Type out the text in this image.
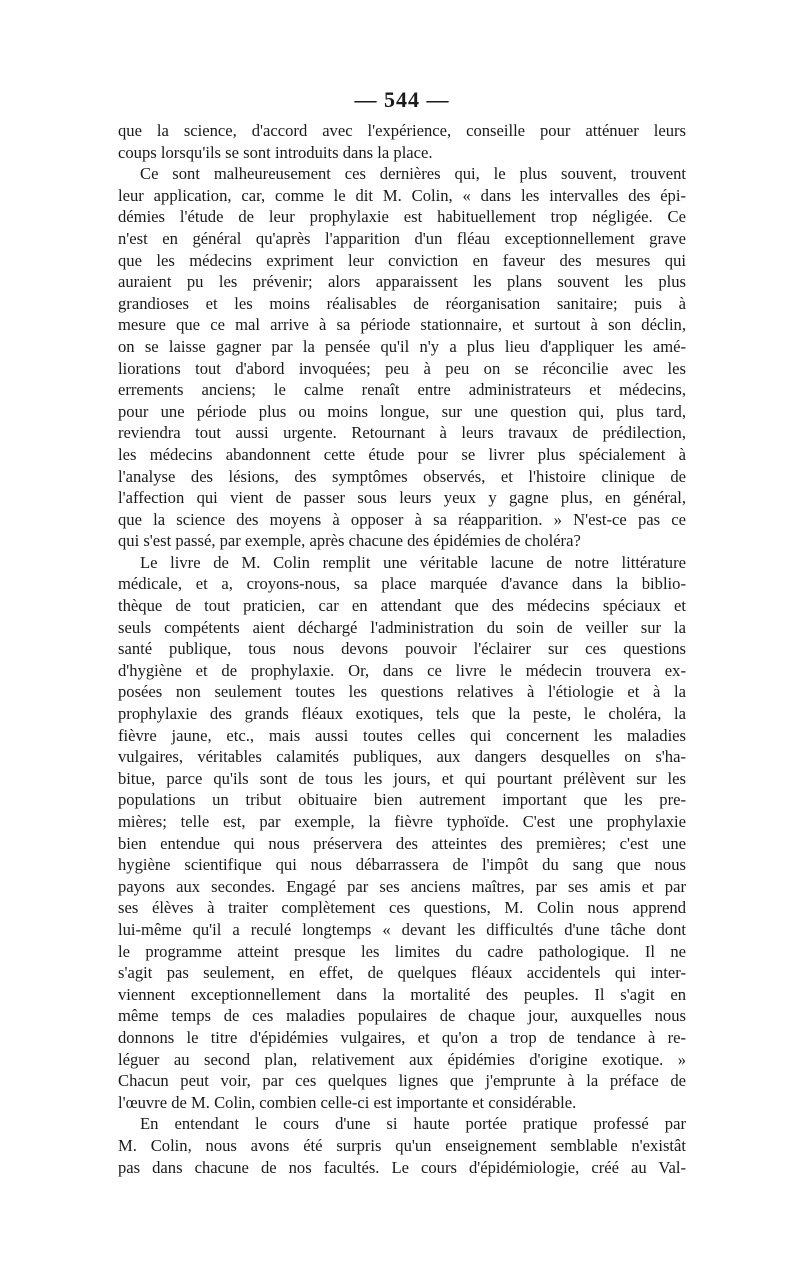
— 544 —
que la science, d'accord avec l'expérience, conseille pour atténuer leurs
coups lorsqu'ils se sont introduits dans la place.
Ce sont malheureusement ces dernières qui, le plus souvent, trouvent
leur application, car, comme le dit M. Colin, « dans les intervalles des épi-
démies l'étude de leur prophylaxie est habituellement trop négligée. Ce
n'est en général qu'après l'apparition d'un fléau exceptionnellement grave
que les médecins expriment leur conviction en faveur des mesures qui
auraient pu les prévenir; alors apparaissent les plans souvent les plus
grandioses et les moins réalisables de réorganisation sanitaire; puis à
mesure que ce mal arrive à sa période stationnaire, et surtout à son déclin,
on se laisse gagner par la pensée qu'il n'y a plus lieu d'appliquer les amé-
liorations tout d'abord invoquées; peu à peu on se réconcilie avec les
errements anciens; le calme renaît entre administrateurs et médecins,
pour une période plus ou moins longue, sur une question qui, plus tard,
reviendra tout aussi urgente. Retournant à leurs travaux de prédilection,
les médecins abandonnent cette étude pour se livrer plus spécialement à
l'analyse des lésions, des symptômes observés, et l'histoire clinique de
l'affection qui vient de passer sous leurs yeux y gagne plus, en général,
que la science des moyens à opposer à sa réapparition. » N'est-ce pas ce
qui s'est passé, par exemple, après chacune des épidémies de choléra?
Le livre de M. Colin remplit une véritable lacune de notre littérature
médicale, et a, croyons-nous, sa place marquée d'avance dans la biblio-
thèque de tout praticien, car en attendant que des médecins spéciaux et
seuls compétents aient déchargé l'administration du soin de veiller sur la
santé publique, tous nous devons pouvoir l'éclairer sur ces questions
d'hygiène et de prophylaxie. Or, dans ce livre le médecin trouvera ex-
posées non seulement toutes les questions relatives à l'étiologie et à la
prophylaxie des grands fléaux exotiques, tels que la peste, le choléra, la
fièvre jaune, etc., mais aussi toutes celles qui concernent les maladies
vulgaires, véritables calamités publiques, aux dangers desquelles on s'ha-
bitue, parce qu'ils sont de tous les jours, et qui pourtant prélèvent sur les
populations un tribut obituaire bien autrement important que les pre-
mières; telle est, par exemple, la fièvre typhoïde. C'est une prophylaxie
bien entendue qui nous préservera des atteintes des premières; c'est une
hygiène scientifique qui nous débarrassera de l'impôt du sang que nous
payons aux secondes. Engagé par ses anciens maîtres, par ses amis et par
ses élèves à traiter complètement ces questions, M. Colin nous apprend
lui-même qu'il a reculé longtemps « devant les difficultés d'une tâche dont
le programme atteint presque les limites du cadre pathologique. Il ne
s'agit pas seulement, en effet, de quelques fléaux accidentels qui inter-
viennent exceptionnellement dans la mortalité des peuples. Il s'agit en
même temps de ces maladies populaires de chaque jour, auxquelles nous
donnons le titre d'épidémies vulgaires, et qu'on a trop de tendance à re-
léguer au second plan, relativement aux épidémies d'origine exotique. »
Chacun peut voir, par ces quelques lignes que j'emprunte à la préface de
l'œuvre de M. Colin, combien celle-ci est importante et considérable.
En entendant le cours d'une si haute portée pratique professé par
M. Colin, nous avons été surpris qu'un enseignement semblable n'existât
pas dans chacune de nos facultés. Le cours d'épidémiologie, créé au Val-
